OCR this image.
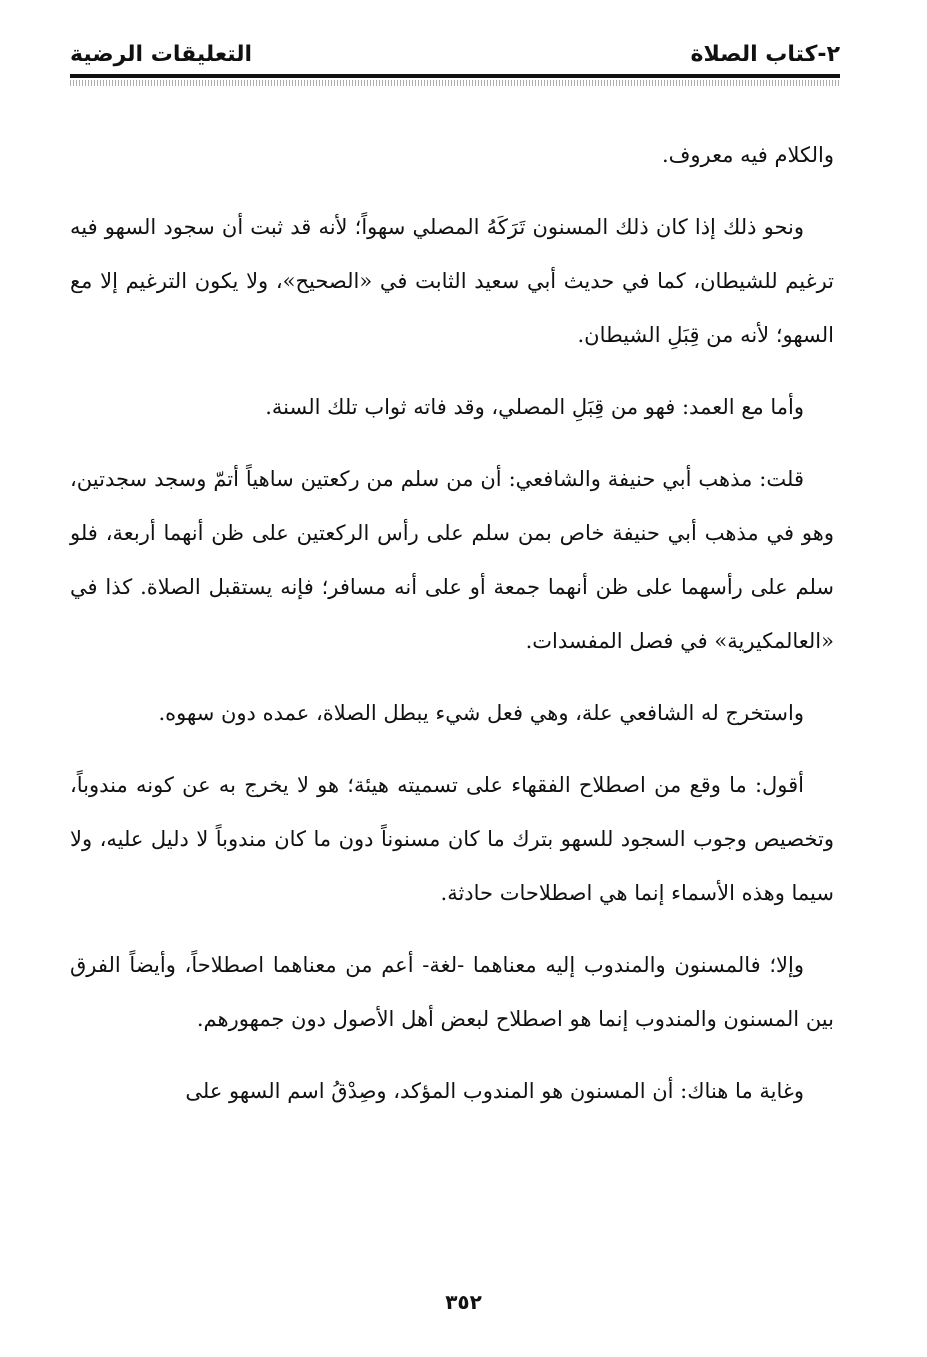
٢-كتاب الصلاة
التعليقات الرضية

والكلام فيه معروف.

ونحو ذلك إذا كان ذلك المسنون تَرَكَهُ المصلي سهواً؛ لأنه قد ثبت أن سجود السهو فيه ترغيم للشيطان، كما في حديث أبي سعيد الثابت في «الصحيح»، ولا يكون الترغيم إلا مع السهو؛ لأنه من قِبَلِ الشيطان.

وأما مع العمد: فهو من قِبَلِ المصلي، وقد فاته ثواب تلك السنة.

قلت: مذهب أبي حنيفة والشافعي: أن من سلم من ركعتين ساهياً أتمّ وسجد سجدتين، وهو في مذهب أبي حنيفة خاص بمن سلم على رأس الركعتين على ظن أنهما أربعة، فلو سلم على رأسهما على ظن أنهما جمعة أو على أنه مسافر؛ فإنه يستقبل الصلاة. كذا في «العالمكيرية» في فصل المفسدات.

واستخرج له الشافعي علة، وهي فعل شيء يبطل الصلاة، عمده دون سهوه.

أقول: ما وقع من اصطلاح الفقهاء على تسميته هيئة؛ هو لا يخرج به عن كونه مندوباً، وتخصيص وجوب السجود للسهو بترك ما كان مسنوناً دون ما كان مندوباً لا دليل عليه، ولا سيما وهذه الأسماء إنما هي اصطلاحات حادثة.

وإلا؛ فالمسنون والمندوب إليه معناهما -لغة- أعم من معناهما اصطلاحاً، وأيضاً الفرق بين المسنون والمندوب إنما هو اصطلاح لبعض أهل الأصول دون جمهورهم.

وغاية ما هناك: أن المسنون هو المندوب المؤكد، وصِدْقُ اسم السهو على

٣٥٢
